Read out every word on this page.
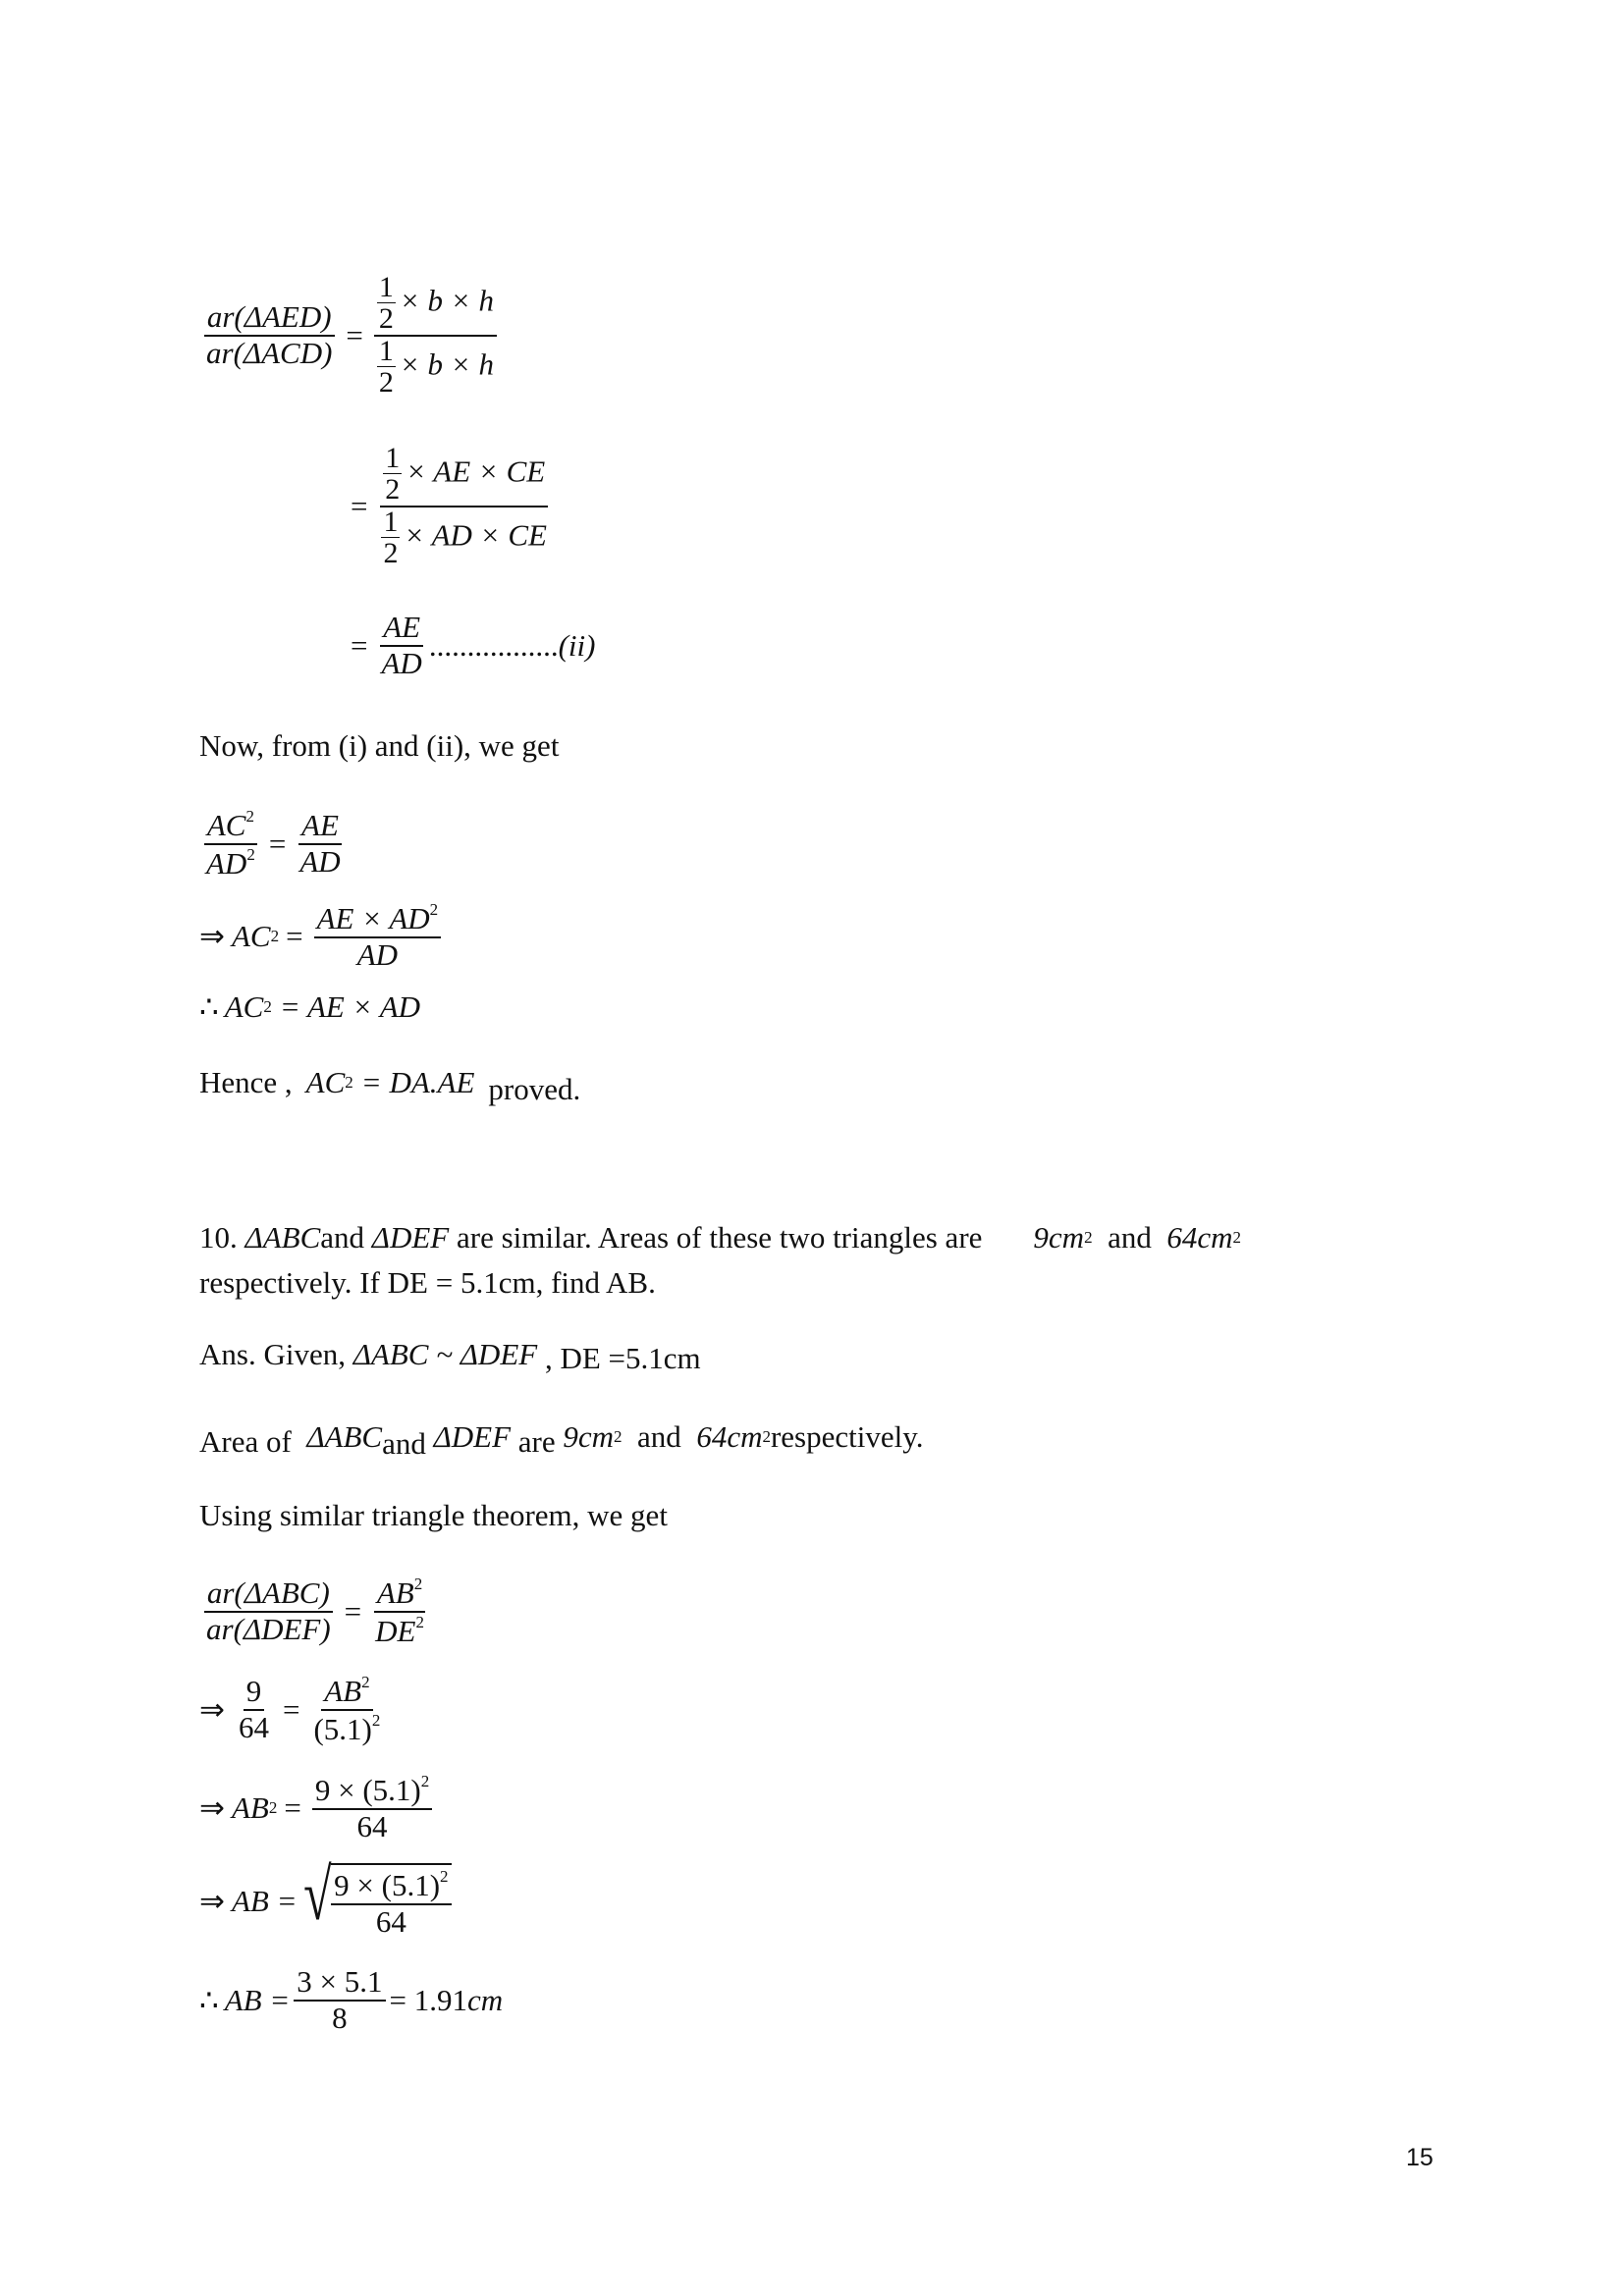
$\frac{\text{ar(ΔAED)}}{\text{ar(ΔACD)}} = \frac{\frac{1}{2} \times b \times h}{\frac{1}{2} \times b \times h}$
= $\frac{\frac{1}{2} \times AE \times CE}{\frac{1}{2} \times AD \times CE}$
= $\frac{AE}{AD}$ ................. (ii)
Now, from (i) and (ii), we get
$\frac{AC^2}{AD^2} = \frac{AE}{AD}$
⇒ AC $2 = \frac{AE \times AD^2}{AD}$
∴ AC 2 = AE × AD
Hence , AC 2 = DA.AE proved.
10.
ΔABC and
ΔDEF
are similar. Areas of these two triangles are 9cm 2
and
64cm 2
respectively. If DE = 5.1cm, find AB.
Ans. Given,
ΔABC ~ ΔDEF
, DE =5.1cm
Area of
ΔABC and
ΔDEF
are
9cm 2
and
64cm 2 respectively.
Using similar triangle theorem, we get
$\frac{\text{ar(ΔABC)}}{\text{ar(ΔDEF)}} = \frac{AB^2}{DE^2}$
⇒ $\frac{9}{64} = \frac{AB^2}{(5.1)^2}$
⇒ AB $2 = \frac{9 \times (5.1)^2}{64}$
⇒ AB = √ $\frac{9 \times (5.1)^2}{64}$
∴ AB = $\frac{3 \times 5.1}{8} = 1.91$ cm
15
